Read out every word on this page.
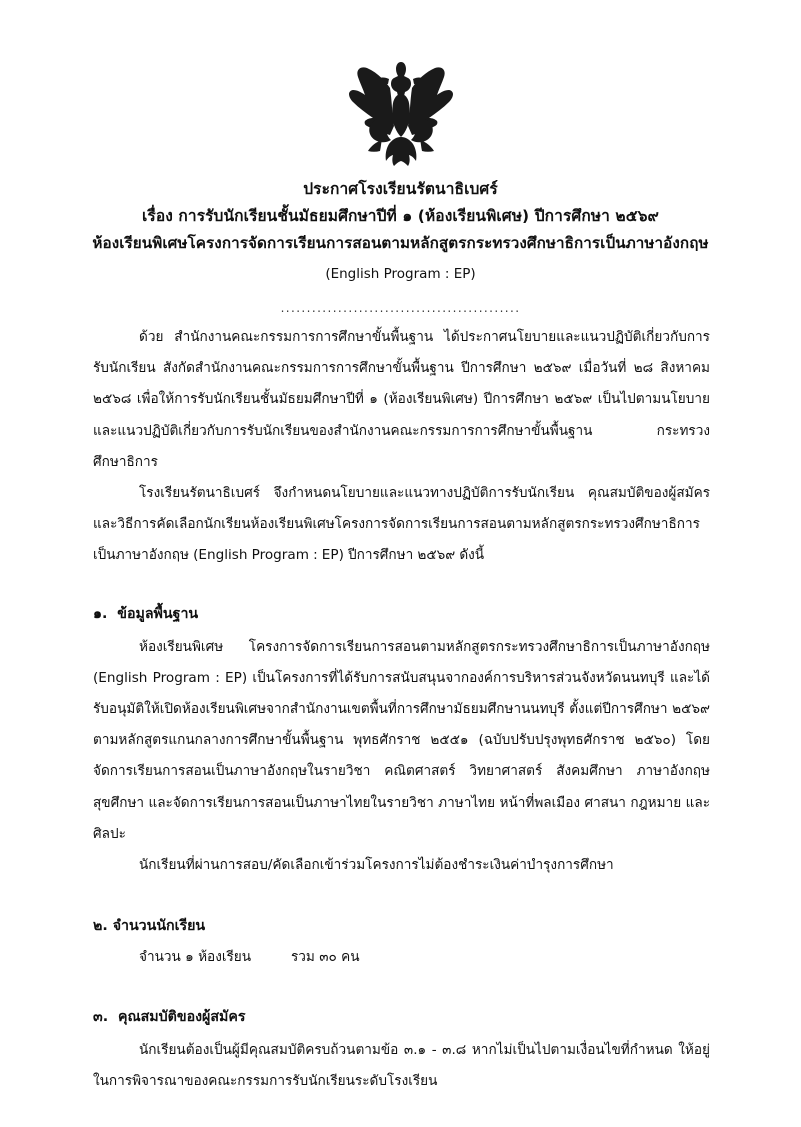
ประกาศโรงเรียนรัตนาธิเบศร์
เรื่อง การรับนักเรียนชั้นมัธยมศึกษาปีที่ ๑ (ห้องเรียนพิเศษ) ปีการศึกษา ๒๕๖๙
ห้องเรียนพิเศษโครงการจัดการเรียนการสอนตามหลักสูตรกระทรวงศึกษาธิการเป็นภาษาอังกฤษ
(English Program : EP)
..............................................

ด้วย สำนักงานคณะกรรมการการศึกษาขั้นพื้นฐาน ได้ประกาศนโยบายและแนวปฏิบัติเกี่ยวกับการรับนักเรียน สังกัดสำนักงานคณะกรรมการการศึกษาขั้นพื้นฐาน ปีการศึกษา ๒๕๖๙ เมื่อวันที่ ๒๘ สิงหาคม ๒๕๖๘ เพื่อให้การรับนักเรียนชั้นมัธยมศึกษาปีที่ ๑ (ห้องเรียนพิเศษ) ปีการศึกษา ๒๕๖๙ เป็นไปตามนโยบายและแนวปฏิบัติเกี่ยวกับการรับนักเรียนของสำนักงานคณะกรรมการการศึกษาขั้นพื้นฐาน กระทรวงศึกษาธิการ

โรงเรียนรัตนาธิเบศร์ จึงกำหนดนโยบายและแนวทางปฏิบัติการรับนักเรียน คุณสมบัติของผู้สมัครและวิธีการคัดเลือกนักเรียนห้องเรียนพิเศษโครงการจัดการเรียนการสอนตามหลักสูตรกระทรวงศึกษาธิการเป็นภาษาอังกฤษ (English Program : EP) ปีการศึกษา ๒๕๖๙ ดังนี้

๑. ข้อมูลพื้นฐาน

ห้องเรียนพิเศษ โครงการจัดการเรียนการสอนตามหลักสูตรกระทรวงศึกษาธิการเป็นภาษาอังกฤษ (English Program : EP) เป็นโครงการที่ได้รับการสนับสนุนจากองค์การบริหารส่วนจังหวัดนนทบุรี และได้รับอนุมัติให้เปิดห้องเรียนพิเศษจากสำนักงานเขตพื้นที่การศึกษามัธยมศึกษานนทบุรี ตั้งแต่ปีการศึกษา ๒๕๖๙ ตามหลักสูตรแกนกลางการศึกษาขั้นพื้นฐาน พุทธศักราช ๒๕๕๑ (ฉบับปรับปรุงพุทธศักราช ๒๕๖๐) โดยจัดการเรียนการสอนเป็นภาษาอังกฤษในรายวิชา คณิตศาสตร์ วิทยาศาสตร์ สังคมศึกษา ภาษาอังกฤษ สุขศึกษา และจัดการเรียนการสอนเป็นภาษาไทยในรายวิชา ภาษาไทย หน้าที่พลเมือง ศาสนา กฎหมาย และศิลปะ

นักเรียนที่ผ่านการสอบ/คัดเลือกเข้าร่วมโครงการไม่ต้องชำระเงินค่าบำรุงการศึกษา

๒. จำนวนนักเรียน

จำนวน ๑ ห้องเรียน	รวม ๓๐ คน

๓. คุณสมบัติของผู้สมัคร

นักเรียนต้องเป็นผู้มีคุณสมบัติครบถ้วนตามข้อ ๓.๑ - ๓.๘ หากไม่เป็นไปตามเงื่อนไขที่กำหนด ให้อยู่ในการพิจารณาของคณะกรรมการรับนักเรียนระดับโรงเรียน
